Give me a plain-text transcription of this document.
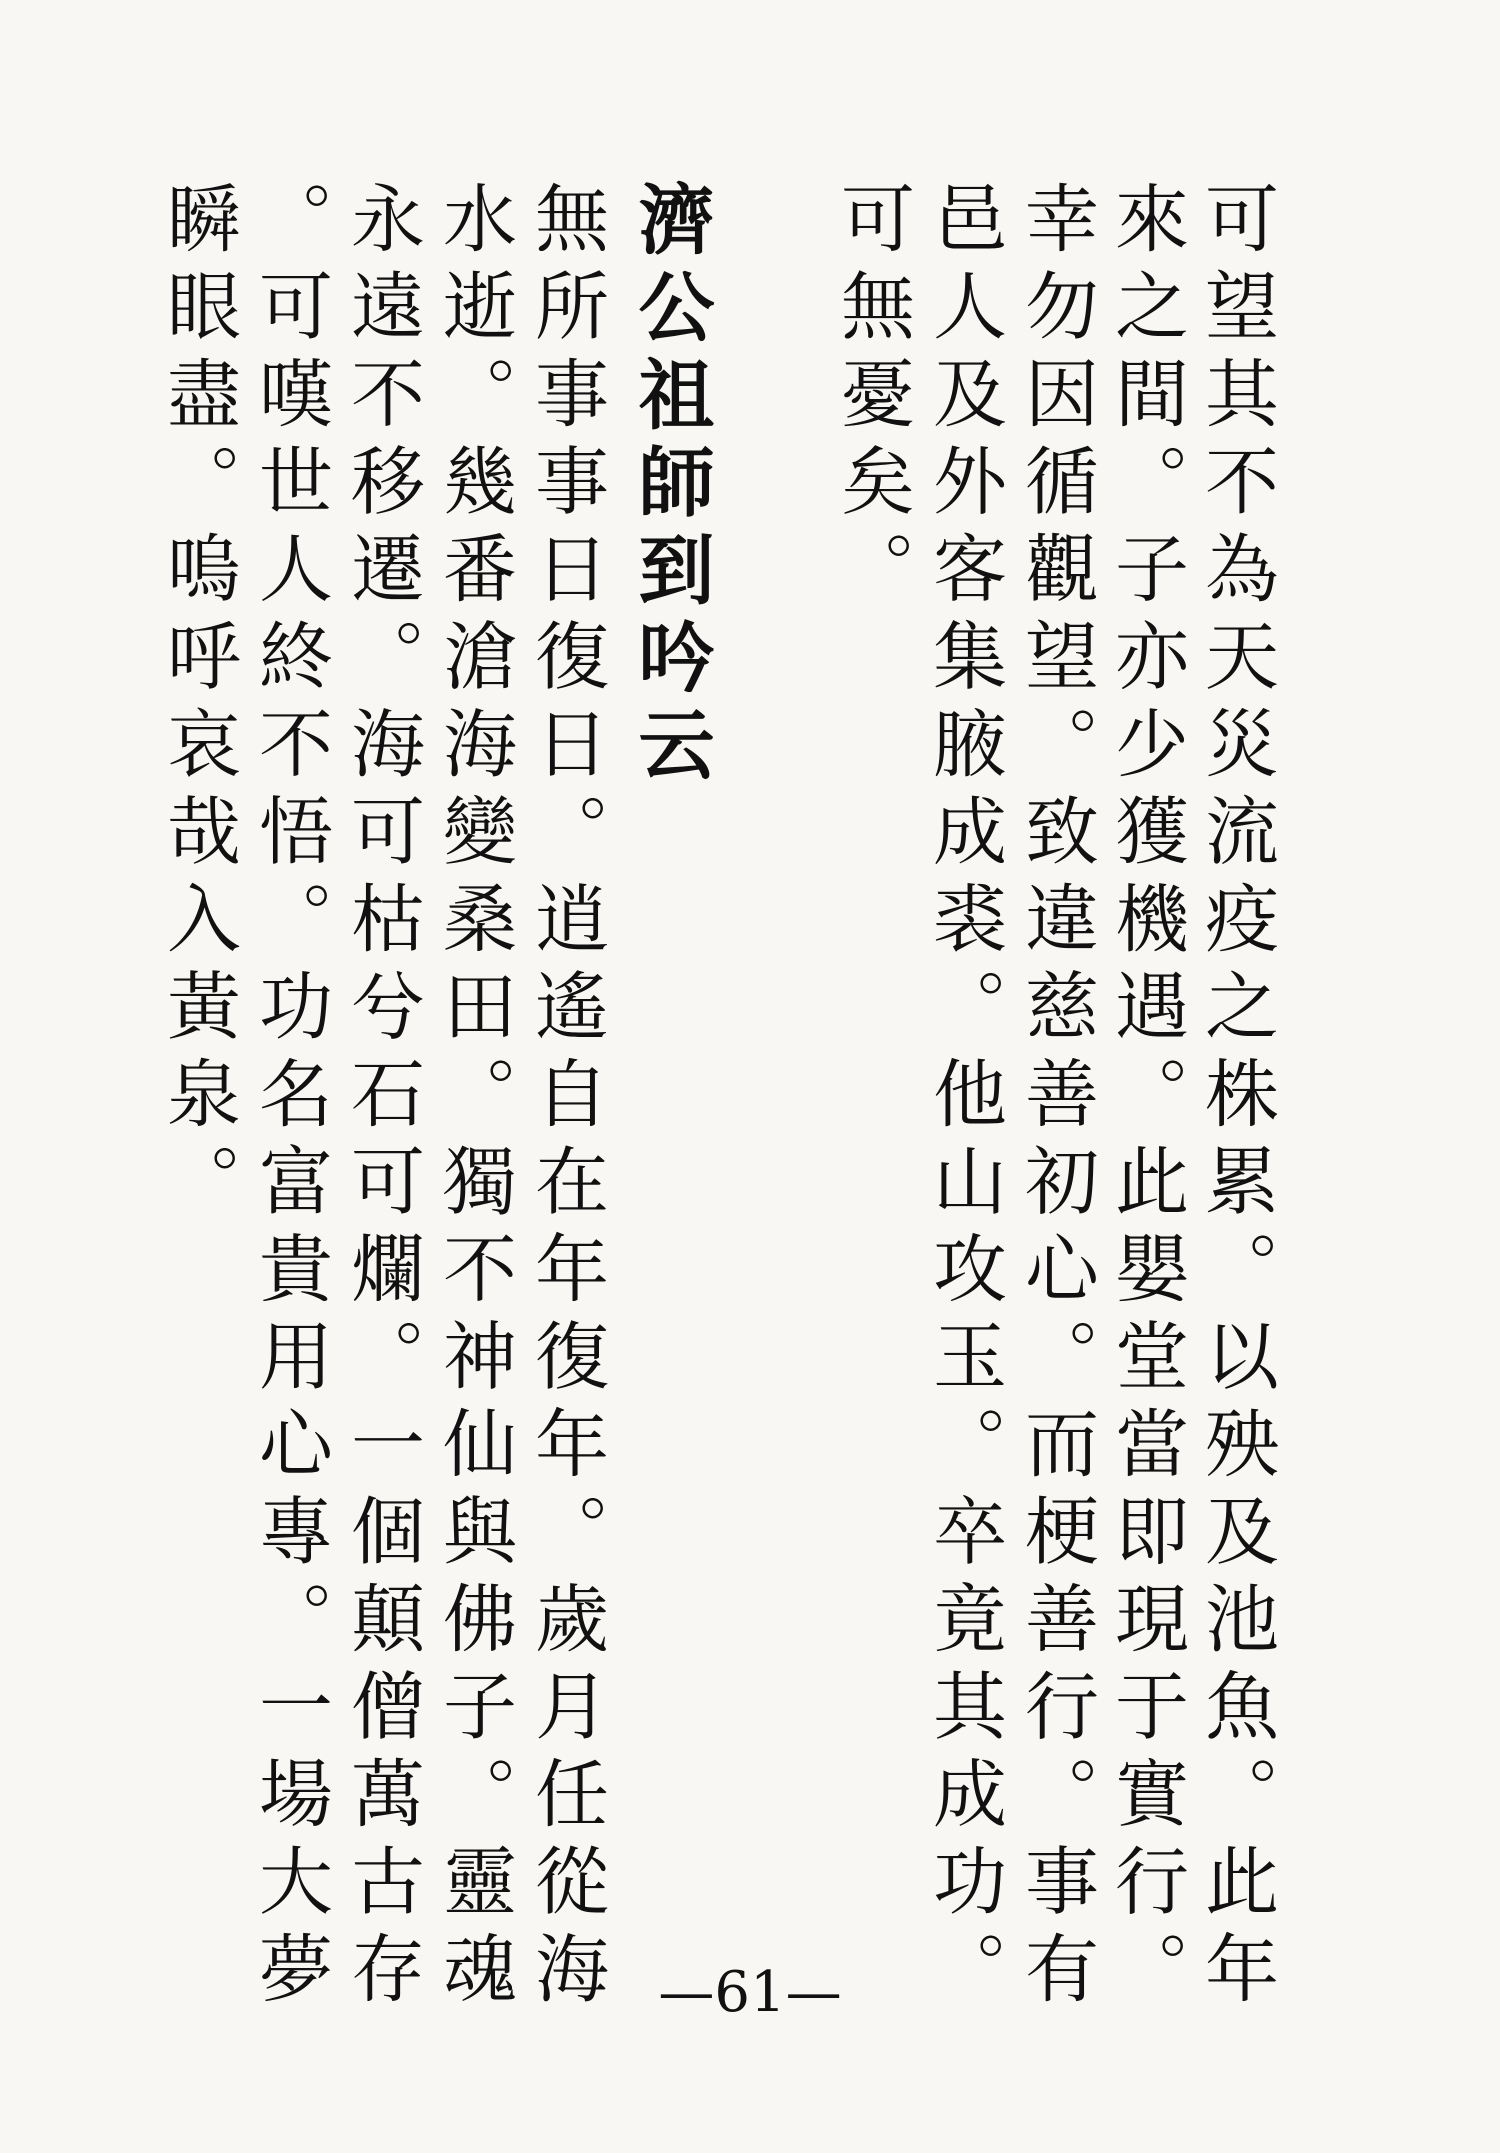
可望其不為天災流疫之株累。以殃及池魚。此年
來之間。子亦少獲機遇。此嬰堂當即現于實行。
幸勿因循觀望。致違慈善初心。而梗善行。事有
邑人及外客集腋成裘。他山攻玉。卒竟其成功。
可無憂矣。
濟公祖師到吟云
無所事事日復日。逍遙自在年復年。歲月任從海
水逝。幾番滄海變桑田。獨不神仙與佛子。靈魂
永遠不移遷。海可枯兮石可爛。一個顛僧萬古存
。可嘆世人終不悟。功名富貴用心專。一場大夢
瞬眼盡。嗚呼哀哉入黃泉。
—61—
